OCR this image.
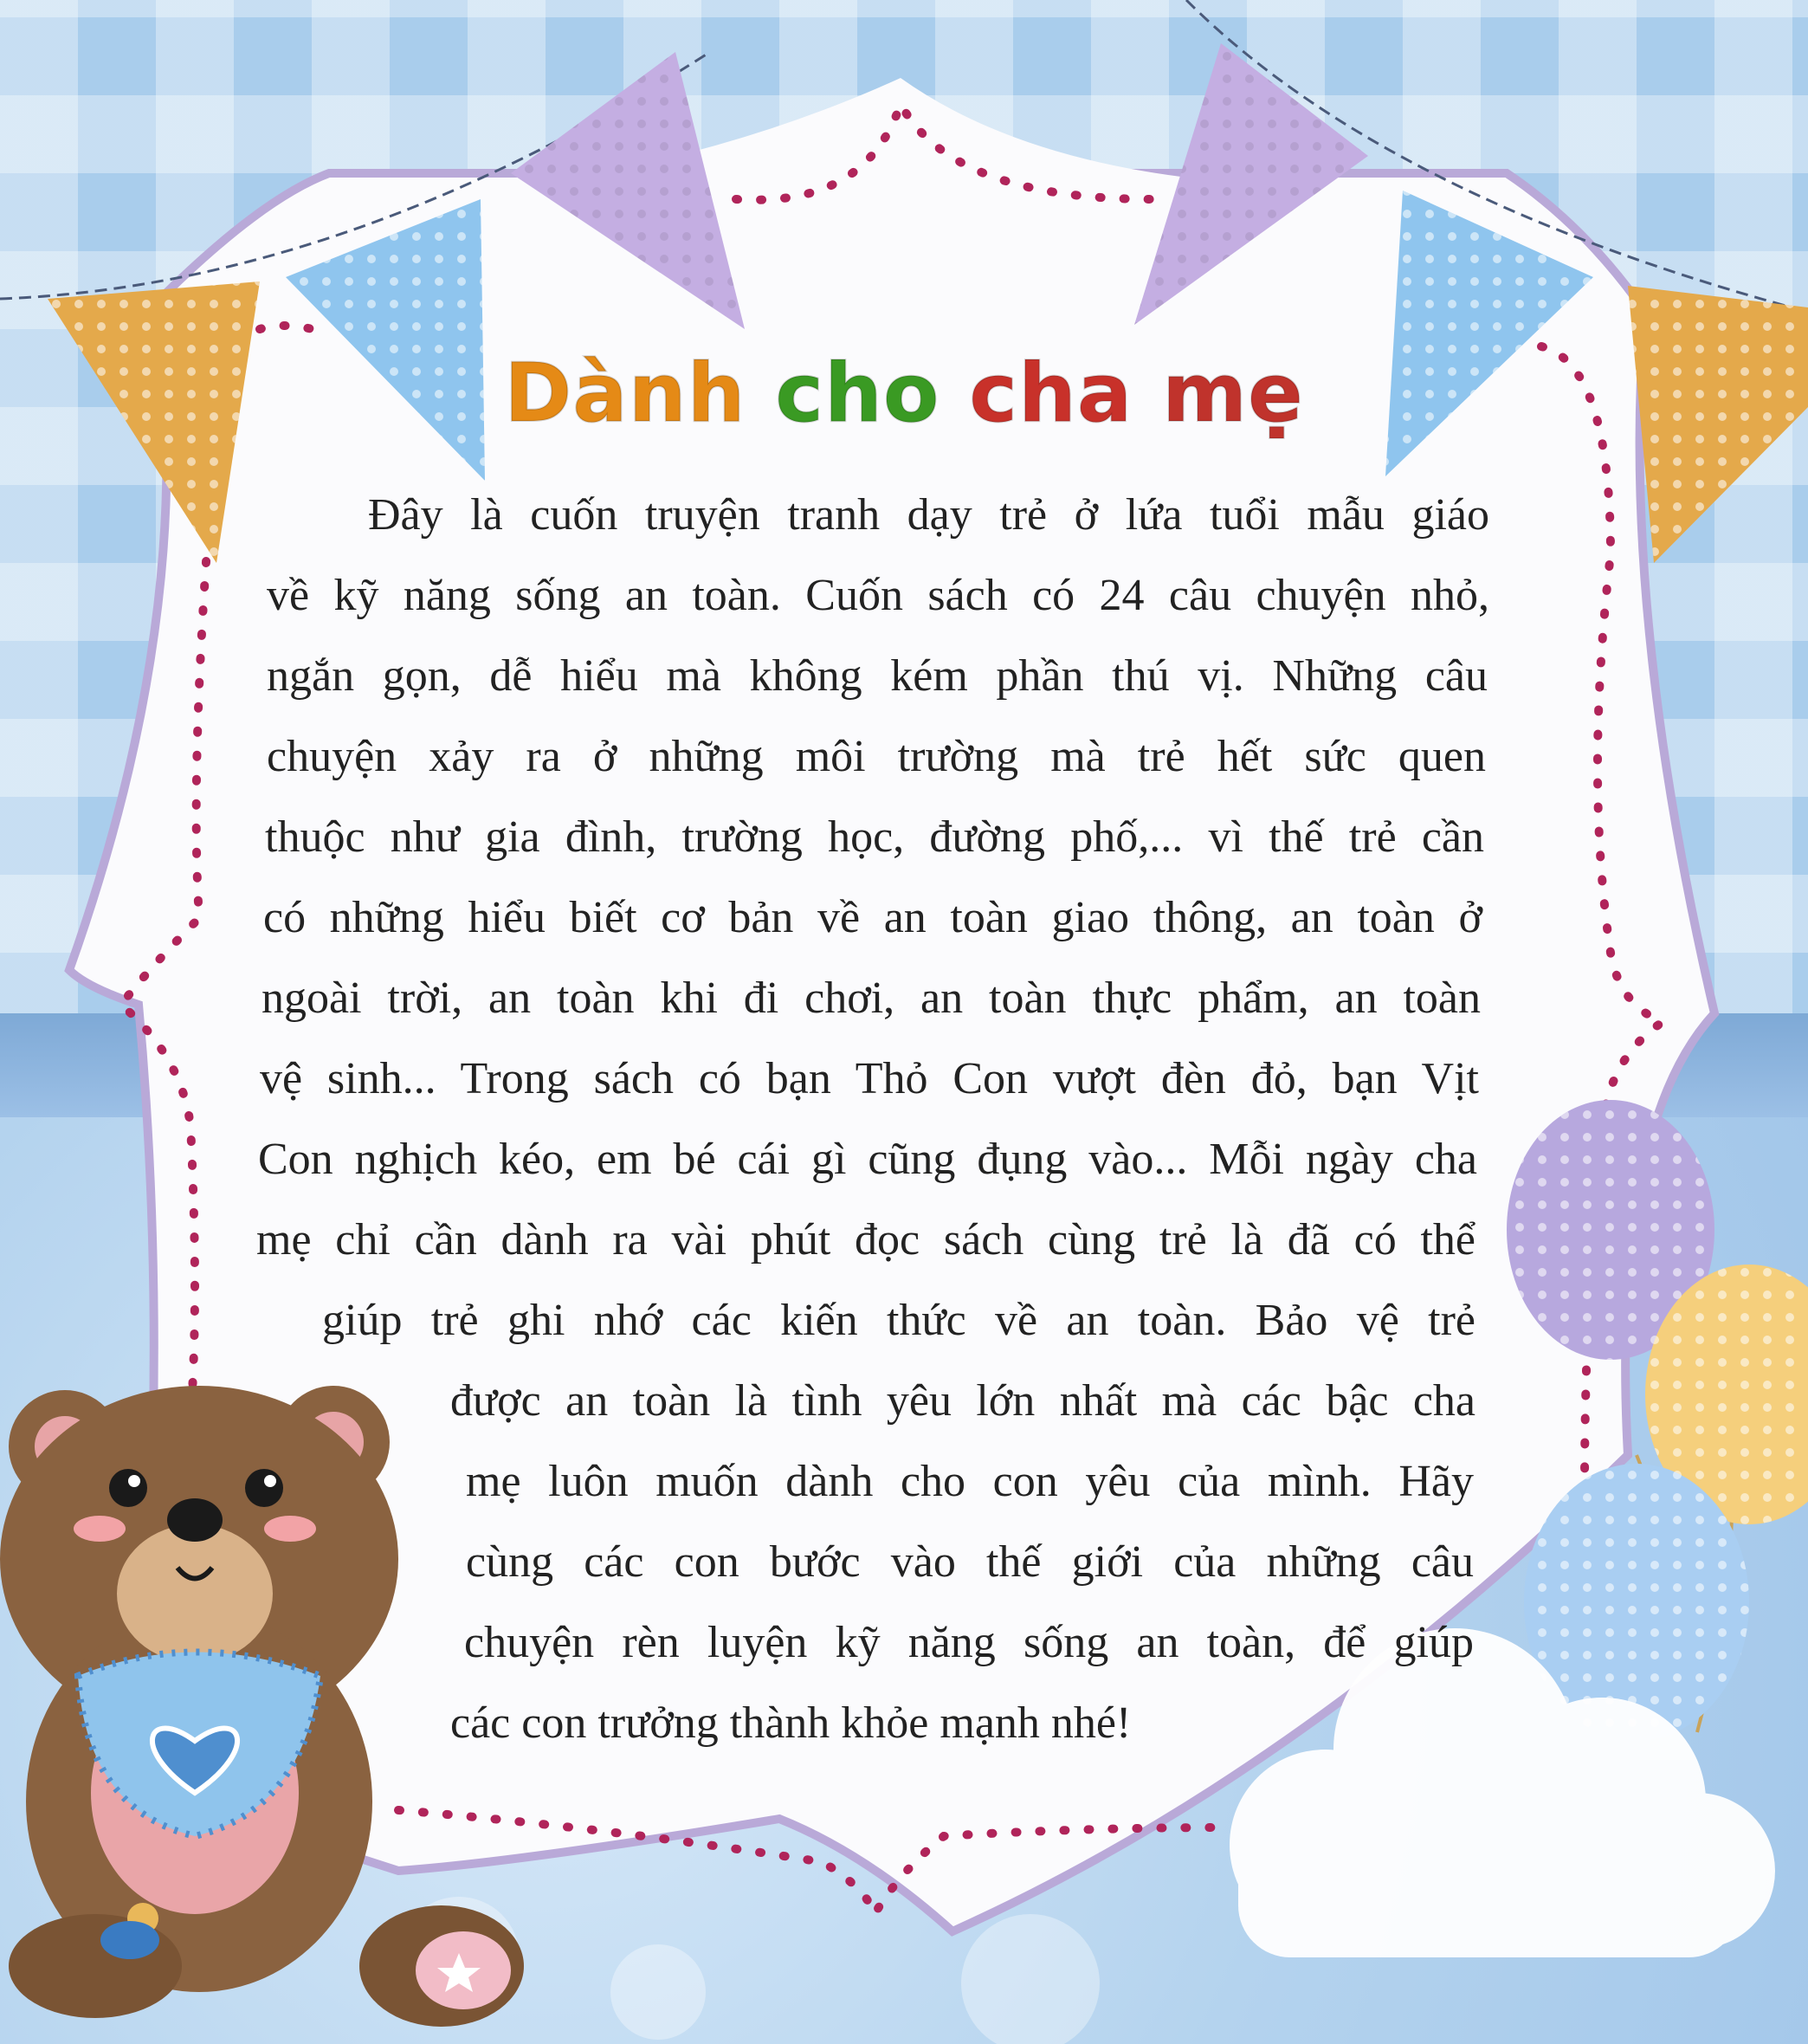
Dành cho cha mẹ
Đây là cuốn truyện tranh dạy trẻ ở lứa tuổi mẫu giáo
về kỹ năng sống an toàn. Cuốn sách có 24 câu chuyện nhỏ,
ngắn gọn, dễ hiểu mà không kém phần thú vị. Những câu
chuyện xảy ra ở những môi trường mà trẻ hết sức quen
thuộc như gia đình, trường học, đường phố,... vì thế trẻ cần
có những hiểu biết cơ bản về an toàn giao thông, an toàn ở
ngoài trời, an toàn khi đi chơi, an toàn thực phẩm, an toàn
vệ sinh... Trong sách có bạn Thỏ Con vượt đèn đỏ, bạn Vịt
Con nghịch kéo, em bé cái gì cũng đụng vào... Mỗi ngày cha
mẹ chỉ cần dành ra vài phút đọc sách cùng trẻ là đã có thể
giúp trẻ ghi nhớ các kiến thức về an toàn. Bảo vệ trẻ
được an toàn là tình yêu lớn nhất mà các bậc cha
mẹ luôn muốn dành cho con yêu của mình. Hãy
cùng các con bước vào thế giới của những câu
chuyện rèn luyện kỹ năng sống an toàn, để giúp
các con trưởng thành khỏe mạnh nhé!
